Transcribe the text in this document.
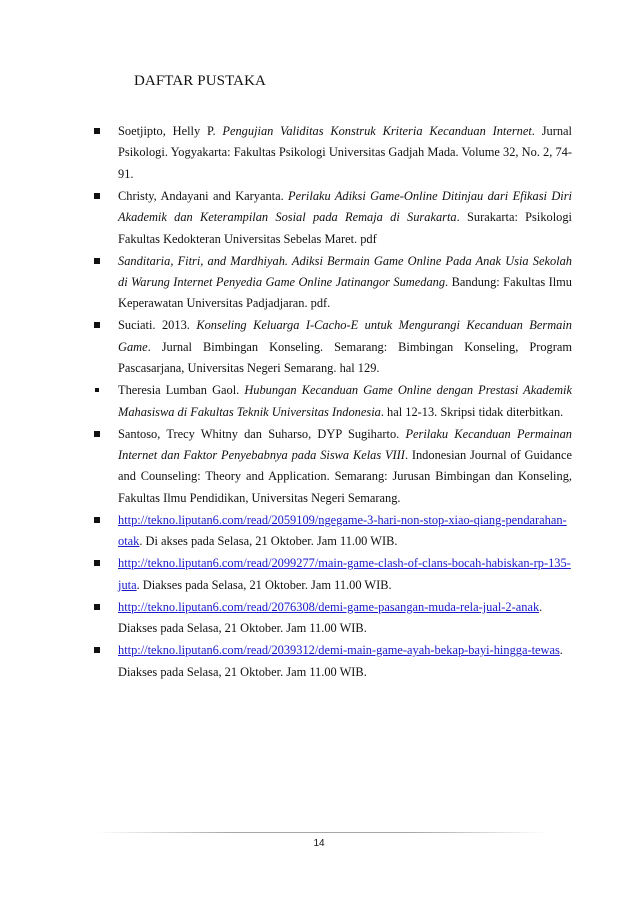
DAFTAR PUSTAKA
Soetjipto, Helly P. Pengujian Validitas Konstruk Kriteria Kecanduan Internet. Jurnal Psikologi. Yogyakarta: Fakultas Psikologi Universitas Gadjah Mada. Volume 32, No. 2, 74-91.
Christy, Andayani and Karyanta. Perilaku Adiksi Game-Online Ditinjau dari Efikasi Diri Akademik dan Keterampilan Sosial pada Remaja di Surakarta. Surakarta: Psikologi Fakultas Kedokteran Universitas Sebelas Maret. pdf
Sanditaria, Fitri, and Mardhiyah. Adiksi Bermain Game Online Pada Anak Usia Sekolah di Warung Internet Penyedia Game Online Jatinangor Sumedang. Bandung: Fakultas Ilmu Keperawatan Universitas Padjadjaran. pdf.
Suciati. 2013. Konseling Keluarga I-Cacho-E untuk Mengurangi Kecanduan Bermain Game. Jurnal Bimbingan Konseling. Semarang: Bimbingan Konseling, Program Pascasarjana, Universitas Negeri Semarang. hal 129.
Theresia Lumban Gaol. Hubungan Kecanduan Game Online dengan Prestasi Akademik Mahasiswa di Fakultas Teknik Universitas Indonesia. hal 12-13. Skripsi tidak diterbitkan.
Santoso, Trecy Whitny dan Suharso, DYP Sugiharto. Perilaku Kecanduan Permainan Internet dan Faktor Penyebabnya pada Siswa Kelas VIII. Indonesian Journal of Guidance and Counseling: Theory and Application. Semarang: Jurusan Bimbingan dan Konseling, Fakultas Ilmu Pendidikan, Universitas Negeri Semarang.
http://tekno.liputan6.com/read/2059109/ngegame-3-hari-non-stop-xiao-qiang-pendarahan-otak. Di akses pada Selasa, 21 Oktober. Jam 11.00 WIB.
http://tekno.liputan6.com/read/2099277/main-game-clash-of-clans-bocah-habiskan-rp-135-juta. Diakses pada Selasa, 21 Oktober. Jam 11.00 WIB.
http://tekno.liputan6.com/read/2076308/demi-game-pasangan-muda-rela-jual-2-anak. Diakses pada Selasa, 21 Oktober. Jam 11.00 WIB.
http://tekno.liputan6.com/read/2039312/demi-main-game-ayah-bekap-bayi-hingga-tewas. Diakses pada Selasa, 21 Oktober. Jam 11.00 WIB.
14
